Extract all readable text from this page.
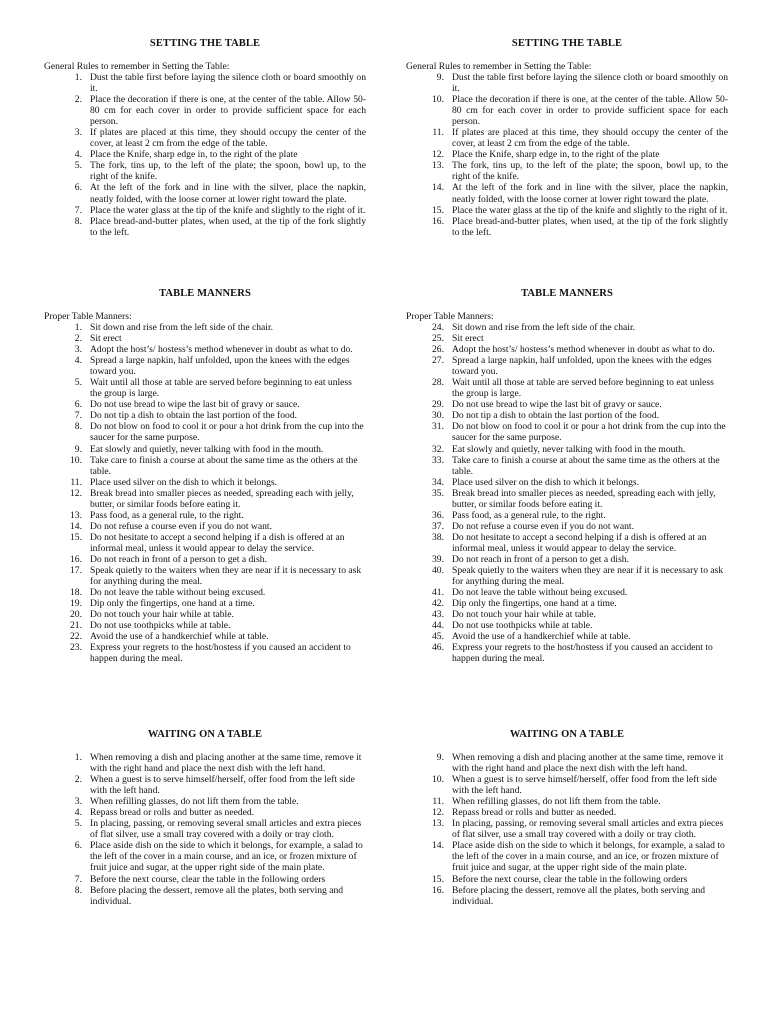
SETTING THE TABLE
General Rules to remember in Setting the Table:
1. Dust the table first before laying the silence cloth or board smoothly on it.
2. Place the decoration if there is one, at the center of the table. Allow 50-80 cm for each cover in order to provide sufficient space for each person.
3. If plates are placed at this time, they should occupy the center of the cover, at least 2 cm from the edge of the table.
4. Place the Knife, sharp edge in, to the right of the plate
5. The fork, tins up, to the left of the plate; the spoon, bowl up, to the right of the knife.
6. At the left of the fork and in line with the silver, place the napkin, neatly folded, with the loose corner at lower right toward the plate.
7. Place the water glass at the tip of the knife and slightly to the right of it.
8. Place bread-and-butter plates, when used, at the tip of the fork slightly to the left.
TABLE MANNERS
Proper Table Manners:
1. Sit down and rise from the left side of the chair.
2. Sit erect
3. Adopt the host’s/ hostess’s method whenever in doubt as what to do.
4. Spread a large napkin, half unfolded, upon the knees with the edges toward you.
5. Wait until all those at table are served before beginning to eat unless the group is large.
6. Do not use bread to wipe the last bit of gravy or sauce.
7. Do not tip a dish to obtain the last portion of the food.
8. Do not blow on food to cool it or pour a hot drink from the cup into the saucer for the same purpose.
9. Eat slowly and quietly, never talking with food in the mouth.
10. Take care to finish a course at about the same time as the others at the table.
11. Place used silver on the dish to which it belongs.
12. Break bread into smaller pieces as needed, spreading each with jelly, butter, or similar foods before eating it.
13. Pass food, as a general rule, to the right.
14. Do not refuse a course even if you do not want.
15. Do not hesitate to accept a second helping if a dish is offered at an informal meal, unless it would appear to delay the service.
16. Do not reach in front of a person to get a dish.
17. Speak quietly to the waiters when they are near if it is necessary to ask for anything during the meal.
18. Do not leave the table without being excused.
19. Dip only the fingertips, one hand at a time.
20. Do not touch your hair while at table.
21. Do not use toothpicks while at table.
22. Avoid the use of a handkerchief while at table.
23. Express your regrets to the host/hostess if you caused an accident to happen during the meal.
WAITING ON A TABLE
1. When removing a dish and placing another at the same time, remove it with the right hand and place the next dish with the left hand.
2. When a guest is to serve himself/herself, offer food from the left side with the left hand.
3. When refilling glasses, do not lift them from the table.
4. Repass bread or rolls and butter as needed.
5. In placing, passing, or removing several small articles and extra pieces of flat silver, use a small tray covered with a doily or tray cloth.
6. Place aside dish on the side to which it belongs, for example, a salad to the left of the cover in a main course, and an ice, or frozen mixture of fruit juice and sugar, at the upper right side of the main plate.
7. Before the next course, clear the table in the following orders
8. Before placing the dessert, remove all the plates, both serving and individual.
SETTING THE TABLE
General Rules to remember in Setting the Table:
9. Dust the table first before laying the silence cloth or board smoothly on it.
10. Place the decoration if there is one, at the center of the table. Allow 50-80 cm for each cover in order to provide sufficient space for each person.
11. If plates are placed at this time, they should occupy the center of the cover, at least 2 cm from the edge of the table.
12. Place the Knife, sharp edge in, to the right of the plate
13. The fork, tins up, to the left of the plate; the spoon, bowl up, to the right of the knife.
14. At the left of the fork and in line with the silver, place the napkin, neatly folded, with the loose corner at lower right toward the plate.
15. Place the water glass at the tip of the knife and slightly to the right of it.
16. Place bread-and-butter plates, when used, at the tip of the fork slightly to the left.
TABLE MANNERS
Proper Table Manners:
24. Sit down and rise from the left side of the chair.
25. Sit erect
26. Adopt the host’s/ hostess’s method whenever in doubt as what to do.
27. Spread a large napkin, half unfolded, upon the knees with the edges toward you.
28. Wait until all those at table are served before beginning to eat unless the group is large.
29. Do not use bread to wipe the last bit of gravy or sauce.
30. Do not tip a dish to obtain the last portion of the food.
31. Do not blow on food to cool it or pour a hot drink from the cup into the saucer for the same purpose.
32. Eat slowly and quietly, never talking with food in the mouth.
33. Take care to finish a course at about the same time as the others at the table.
34. Place used silver on the dish to which it belongs.
35. Break bread into smaller pieces as needed, spreading each with jelly, butter, or similar foods before eating it.
36. Pass food, as a general rule, to the right.
37. Do not refuse a course even if you do not want.
38. Do not hesitate to accept a second helping if a dish is offered at an informal meal, unless it would appear to delay the service.
39. Do not reach in front of a person to get a dish.
40. Speak quietly to the waiters when they are near if it is necessary to ask for anything during the meal.
41. Do not leave the table without being excused.
42. Dip only the fingertips, one hand at a time.
43. Do not touch your hair while at table.
44. Do not use toothpicks while at table.
45. Avoid the use of a handkerchief while at table.
46. Express your regrets to the host/hostess if you caused an accident to happen during the meal.
WAITING ON A TABLE
9. When removing a dish and placing another at the same time, remove it with the right hand and place the next dish with the left hand.
10. When a guest is to serve himself/herself, offer food from the left side with the left hand.
11. When refilling glasses, do not lift them from the table.
12. Repass bread or rolls and butter as needed.
13. In placing, passing, or removing several small articles and extra pieces of flat silver, use a small tray covered with a doily or tray cloth.
14. Place aside dish on the side to which it belongs, for example, a salad to the left of the cover in a main course, and an ice, or frozen mixture of fruit juice and sugar, at the upper right side of the main plate.
15. Before the next course, clear the table in the following orders
16. Before placing the dessert, remove all the plates, both serving and individual.
